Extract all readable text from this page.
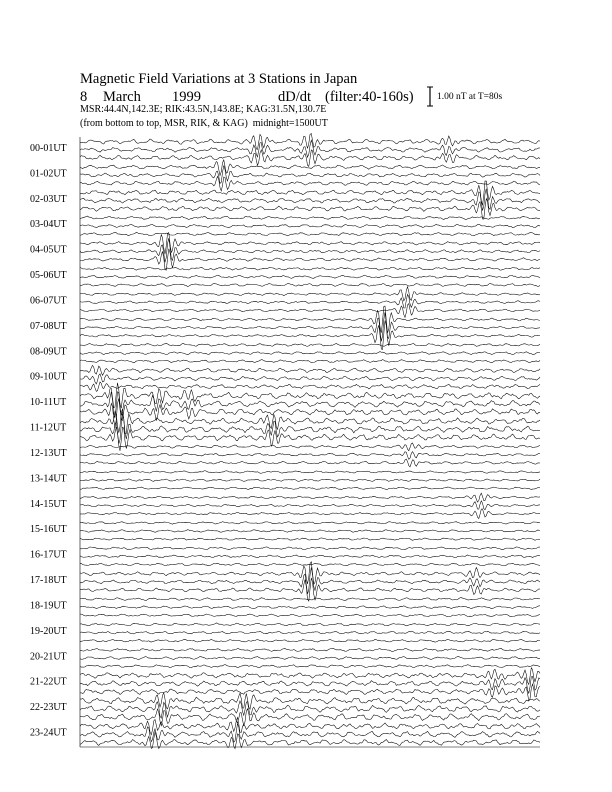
00-01UT
01-02UT
02-03UT
03-04UT
04-05UT
05-06UT
06-07UT
07-08UT
08-09UT
09-10UT
10-11UT
11-12UT
12-13UT
13-14UT
14-15UT
15-16UT
16-17UT
17-18UT
18-19UT
19-20UT
20-21UT
21-22UT
22-23UT
23-24UT
Magnetic Field Variations at 3 Stations in Japan
8 March 1999	dD/dt (filter:40-160s)
MSR:44.4N,142.3E; RIK:43.5N,143.8E; KAG:31.5N,130.7E
(from bottom to top, MSR, RIK, & KAG) midnight=1500UT
1.00 nT at T=80s
